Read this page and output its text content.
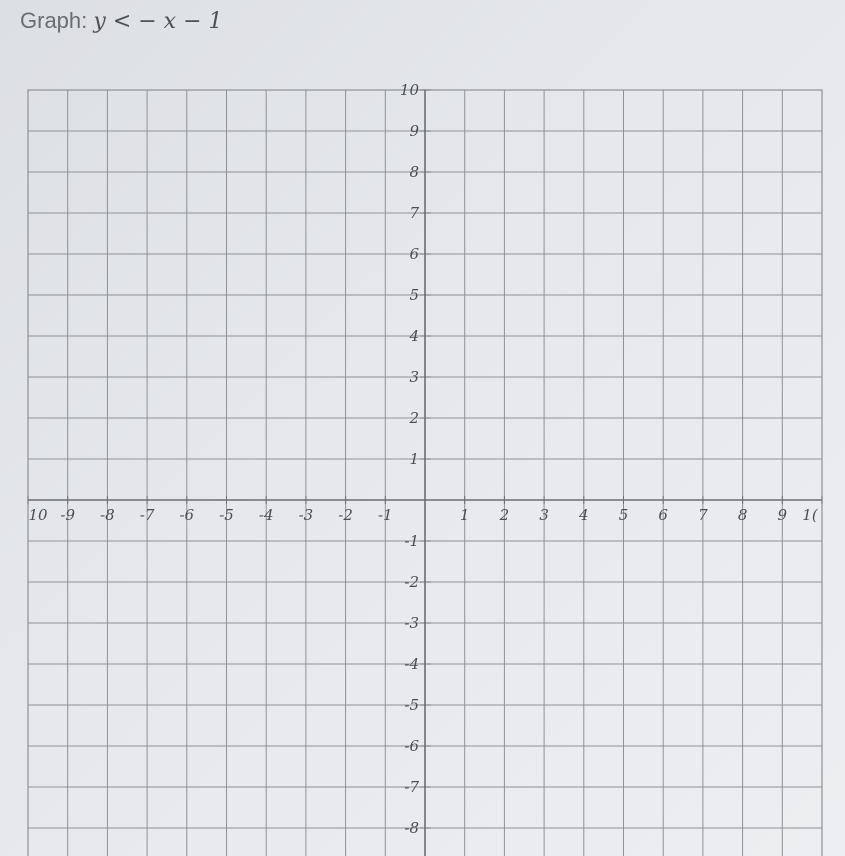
Graph: y < − x − 1
10 -9 -8 -7 -6 -5 -4 -3 -2 -1	1 2 3 4 5 6 7 8 9 1(
10
9
8
7
6
5
4
3
2
1
-1
-2
-3
-4
-5
-6
-7
-8
